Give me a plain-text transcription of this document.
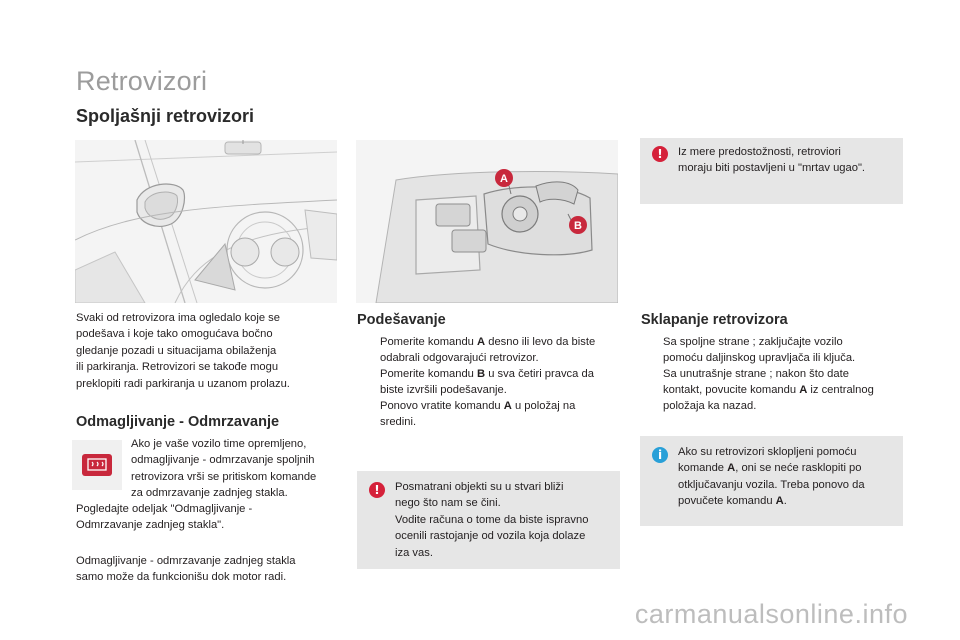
Retrovizori
Spoljašnji retrovizori
A
B
!	Iz mere predostožnosti, retroviori
moraju biti postavljeni u "mrtav ugao".
Svaki od retrovizora ima ogledalo koje se
podešava i koje tako omogućava bočno
gledanje pozadi u situacijama obilaženja
ili parkiranja. Retrovizori se takođe mogu
preklopiti radi parkiranja u uzanom prolazu.
Odmagljivanje - Odmrzavanje
Ako je vaše vozilo time opremljeno,
odmagljivanje - odmrzavanje spoljnih
retrovizora vrši se pritiskom komande
za odmrzavanje zadnjeg stakla.
Pogledajte odeljak "Odmagljivanje -
Odmrzavanje zadnjeg stakla".
Odmagljivanje - odmrzavanje zadnjeg stakla
samo može da funkcionišu dok motor radi.
Podešavanje
Pomerite komandu A desno ili levo da biste
odabrali odgovarajući retrovizor.
Pomerite komandu B u sva četiri pravca da
biste izvršili podešavanje.
Ponovo vratite komandu A u položaj na
sredini.
!	Posmatrani objekti su u stvari bliži
nego što nam se čini.
Vodite računa o tome da biste ispravno
ocenili rastojanje od vozila koja dolaze
iza vas.
Sklapanje retrovizora
Sa spoljne strane ; zaključajte vozilo
pomoću daljinskog upravljača ili ključa.
Sa unutrašnje strane ; nakon što date
kontakt, povucite komandu A iz centralnog
položaja ka nazad.
i	Ako su retrovizori sklopljeni pomoću
komande A, oni se neće rasklopiti po
otključavanju vozila. Treba ponovo da
povučete komandu A.
carmanualsonline.info
